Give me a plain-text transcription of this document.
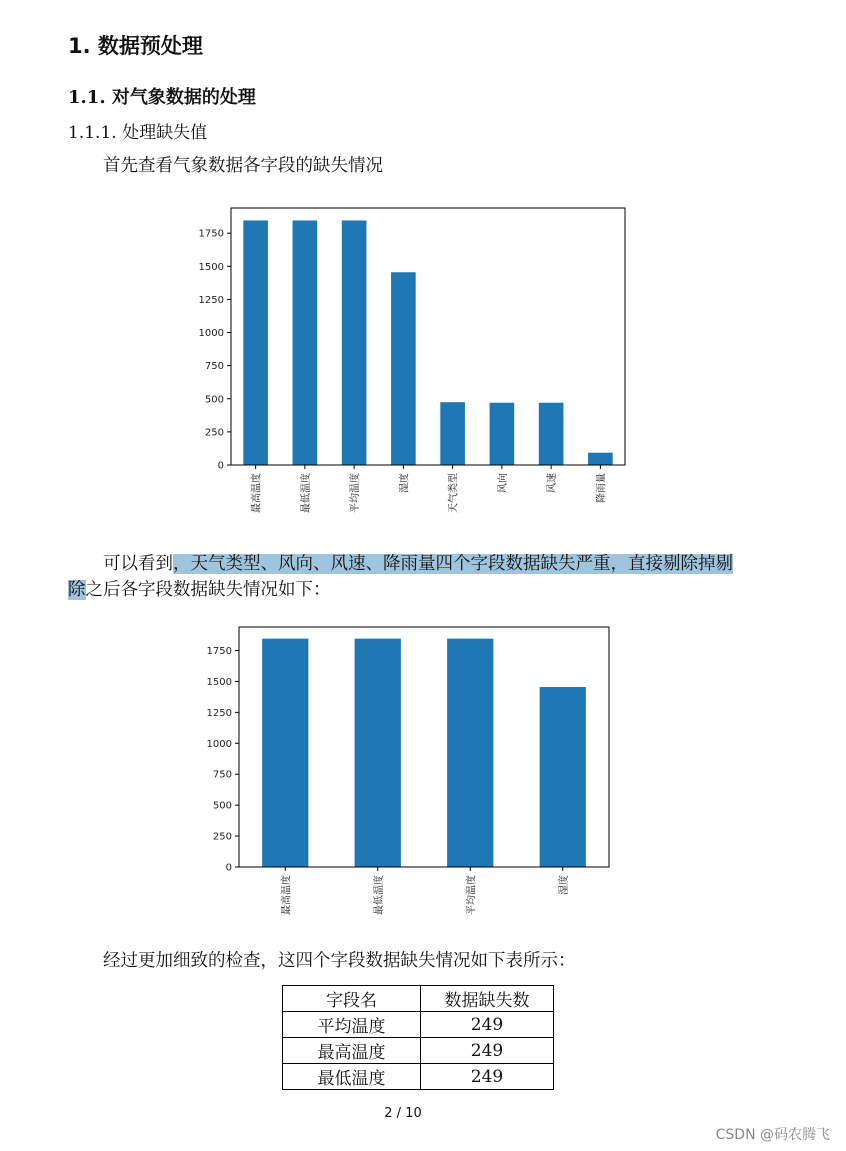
1. 数据预处理
1.1. 对气象数据的处理
1.1.1. 处理缺失值
首先查看气象数据各字段的缺失情况
最高温度	最低温度	平均温度	湿度	天气类型	风向	风速	降雨量
0
250
500
750
1000
1250
1500
1750
可以看到，天气类型、风向、风速、降雨量四个字段数据缺失严重，直接剔除掉剔除之后各字段数据缺失情况如下：
最高温度	最低温度	平均温度	湿度
0
250
500
750
1000
1250
1500
1750
经过更加细致的检查，这四个字段数据缺失情况如下表所示：
字段名	数据缺失数
平均温度	249
最高温度	249
最低温度	249
2 / 10
CSDN @码农腾飞
